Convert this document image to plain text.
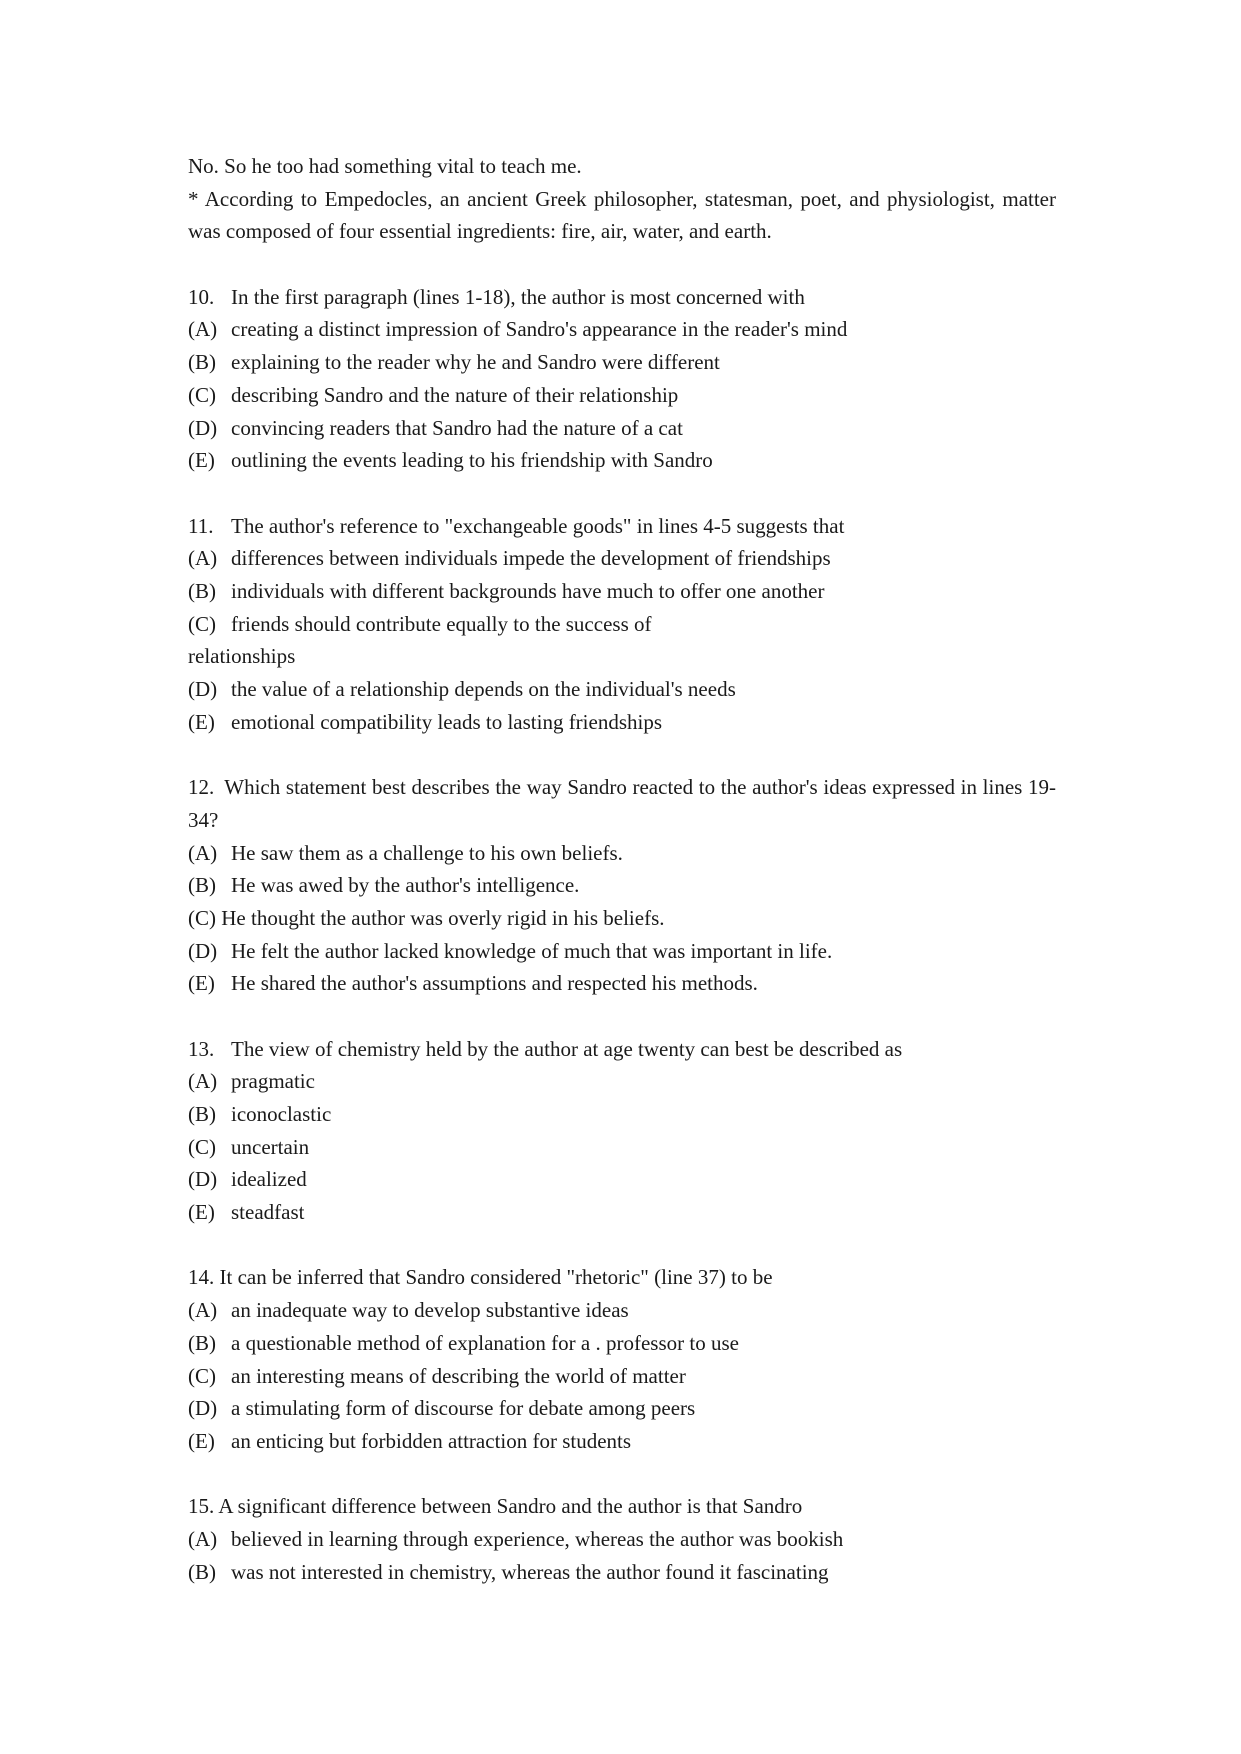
No. So he too had something vital to teach me.
* According to Empedocles, an ancient Greek philosopher, statesman, poet, and physiologist, matter was composed of four essential ingredients: fire, air, water, and earth.
10. In the first paragraph (lines 1-18), the author is most concerned with
(A) creating a distinct impression of Sandro's appearance in the reader's mind
(B) explaining to the reader why he and Sandro were different
(C) describing Sandro and the nature of their relationship
(D) convincing readers that Sandro had the nature of a cat
(E) outlining the events leading to his friendship with Sandro
11. The author's reference to "exchangeable goods" in lines 4-5 suggests that
(A) differences between individuals impede the development of friendships
(B) individuals with different backgrounds have much to offer one another
(C) friends should contribute equally to the success of
relationships
(D) the value of a relationship depends on the individual's needs
(E) emotional compatibility leads to lasting friendships
12. Which statement best describes the way Sandro reacted to the author's ideas expressed in lines 19-34?
(A) He saw them as a challenge to his own beliefs.
(B) He was awed by the author's intelligence.
(C) He thought the author was overly rigid in his beliefs.
(D) He felt the author lacked knowledge of much that was important in life.
(E) He shared the author's assumptions and respected his methods.
13. The view of chemistry held by the author at age twenty can best be described as
(A) pragmatic
(B) iconoclastic
(C) uncertain
(D) idealized
(E) steadfast
14. It can be inferred that Sandro considered "rhetoric" (line 37) to be
(A) an inadequate way to develop substantive ideas
(B) a questionable method of explanation for a . professor to use
(C) an interesting means of describing the world of matter
(D) a stimulating form of discourse for debate among peers
(E) an enticing but forbidden attraction for students
15. A significant difference between Sandro and the author is that Sandro
(A) believed in learning through experience, whereas the author was bookish
(B) was not interested in chemistry, whereas the author found it fascinating
